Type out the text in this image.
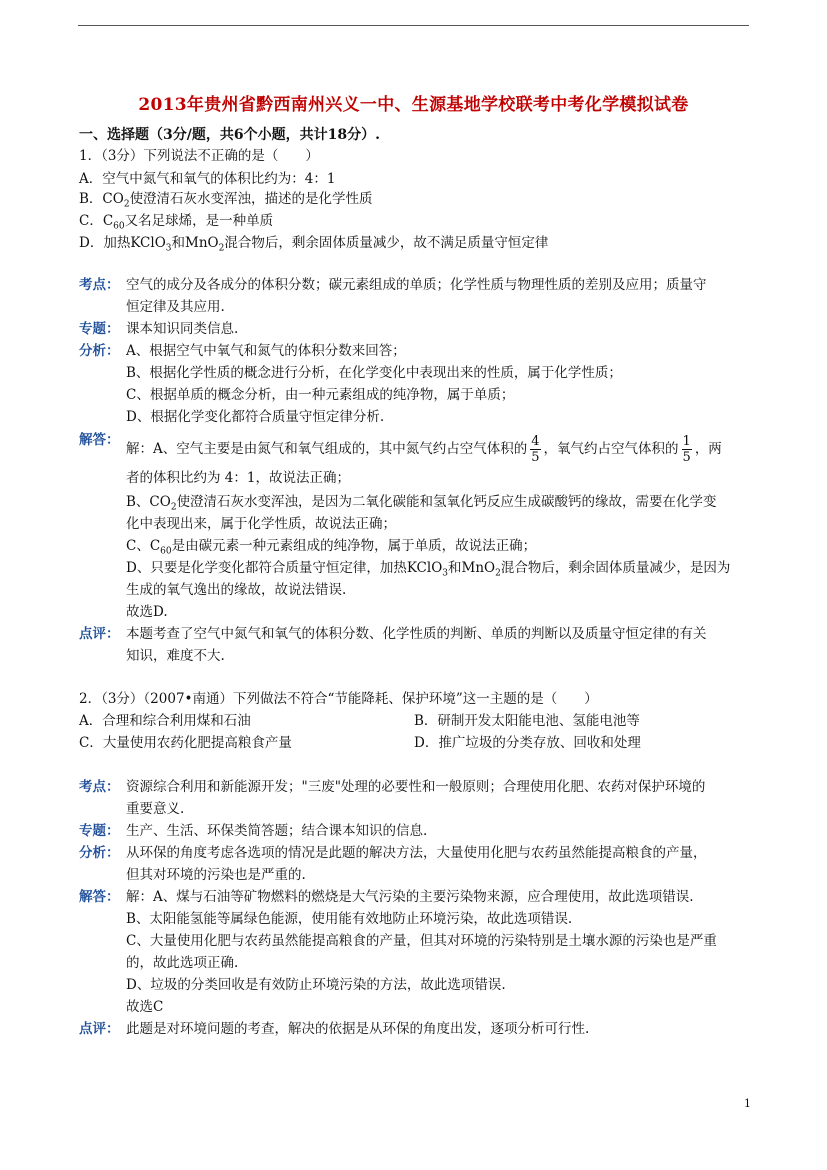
2013年贵州省黔西南州兴义一中、生源基地学校联考中考化学模拟试卷
一、选择题（3分/题，共6个小题，共计18分）.
1．（3分）下列说法不正确的是（　　）
A．空气中氮气和氧气的体积比约为：4：1
B．$CO_2$使澄清石灰水变浑浊，描述的是化学性质
C．$C_{60}$又名足球烯，是一种单质
D．加热KClO$_3$和MnO$_2$混合物后，剩余固体质量减少，故不满足质量守恒定律
考点： 空气的成分及各成分的体积分数；碳元素组成的单质；化学性质与物理性质的差别及应用；质量守
恒定律及其应用.
专题： 课本知识同类信息.
分析： A、根据空气中氧气和氮气的体积分数来回答；
B、根据化学性质的概念进行分析，在化学变化中表现出来的性质，属于化学性质；
C、根据单质的概念分析，由一种元素组成的纯净物，属于单质；
D、根据化学变化都符合质量守恒定律分析.
解答：
解：A、空气主要是由氮气和氧气组成的，其中氮气约占空气体积的 $\frac{4}{5}$ ，氧气约占空气体积的 $\frac{1}{5}$ ，两
者的体积比约为 4：1，故说法正确；
B、$CO_2$使澄清石灰水变浑浊，是因为二氧化碳能和氢氧化钙反应生成碳酸钙的缘故，需要在化学变
化中表现出来，属于化学性质，故说法正确；
C、$C_{60}$是由碳元素一种元素组成的纯净物，属于单质，故说法正确；
D、只要是化学变化都符合质量守恒定律，加热KClO$_3$和MnO$_2$混合物后，剩余固体质量减少，是因为
生成的氧气逸出的缘故，故说法错误.
故选D.
点评： 本题考查了空气中氮气和氧气的体积分数、化学性质的判断、单质的判断以及质量守恒定律的有关
知识，难度不大.
2．（3分）（2007•南通）下列做法不符合“节能降耗、保护环境”这一主题的是（　　）
A．合理和综合利用煤和石油	B．研制开发太阳能电池、氢能电池等
C．大量使用农药化肥提高粮食产量	D．推广垃圾的分类存放、回收和处理
考点： 资源综合利用和新能源开发；"三废"处理的必要性和一般原则；合理使用化肥、农药对保护环境的
重要意义.
专题： 生产、生活、环保类简答题；结合课本知识的信息.
分析： 从环保的角度考虑各选项的情况是此题的解决方法，大量使用化肥与农药虽然能提高粮食的产量，
但其对环境的污染也是严重的.
解答： 解：A、煤与石油等矿物燃料的燃烧是大气污染的主要污染物来源，应合理使用，故此选项错误.
B、太阳能氢能等属绿色能源，使用能有效地防止环境污染，故此选项错误.
C、大量使用化肥与农药虽然能提高粮食的产量，但其对环境的污染特别是土壤水源的污染也是严重
的，故此选项正确.
D、垃圾的分类回收是有效防止环境污染的方法，故此选项错误.
故选C
点评： 此题是对环境问题的考查，解决的依据是从环保的角度出发，逐项分析可行性.
1
